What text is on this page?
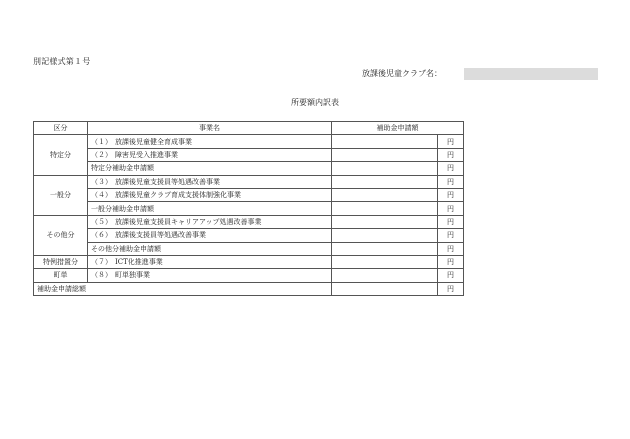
別記様式第１号
放課後児童クラブ名：
所要額内訳表
区分	事業名	補助金申請額	
特定分	（１） 放課後児童健全育成事業		円
	（２） 障害児受入推進事業		円
	特定分補助金申請額		円
一般分	（３） 放課後児童支援員等処遇改善事業		円
	（４） 放課後児童クラブ育成支援体制強化事業		円
	一般分補助金申請額		円
その他分	（５） 放課後児童支援員キャリアアップ処遇改善事業		円
	（６） 放課後支援員等処遇改善事業		円
	その他分補助金申請額		円
特例措置分	（７） ICT化推進事業		円
町単	（８） 町単独事業		円
補助金申請総額			円
